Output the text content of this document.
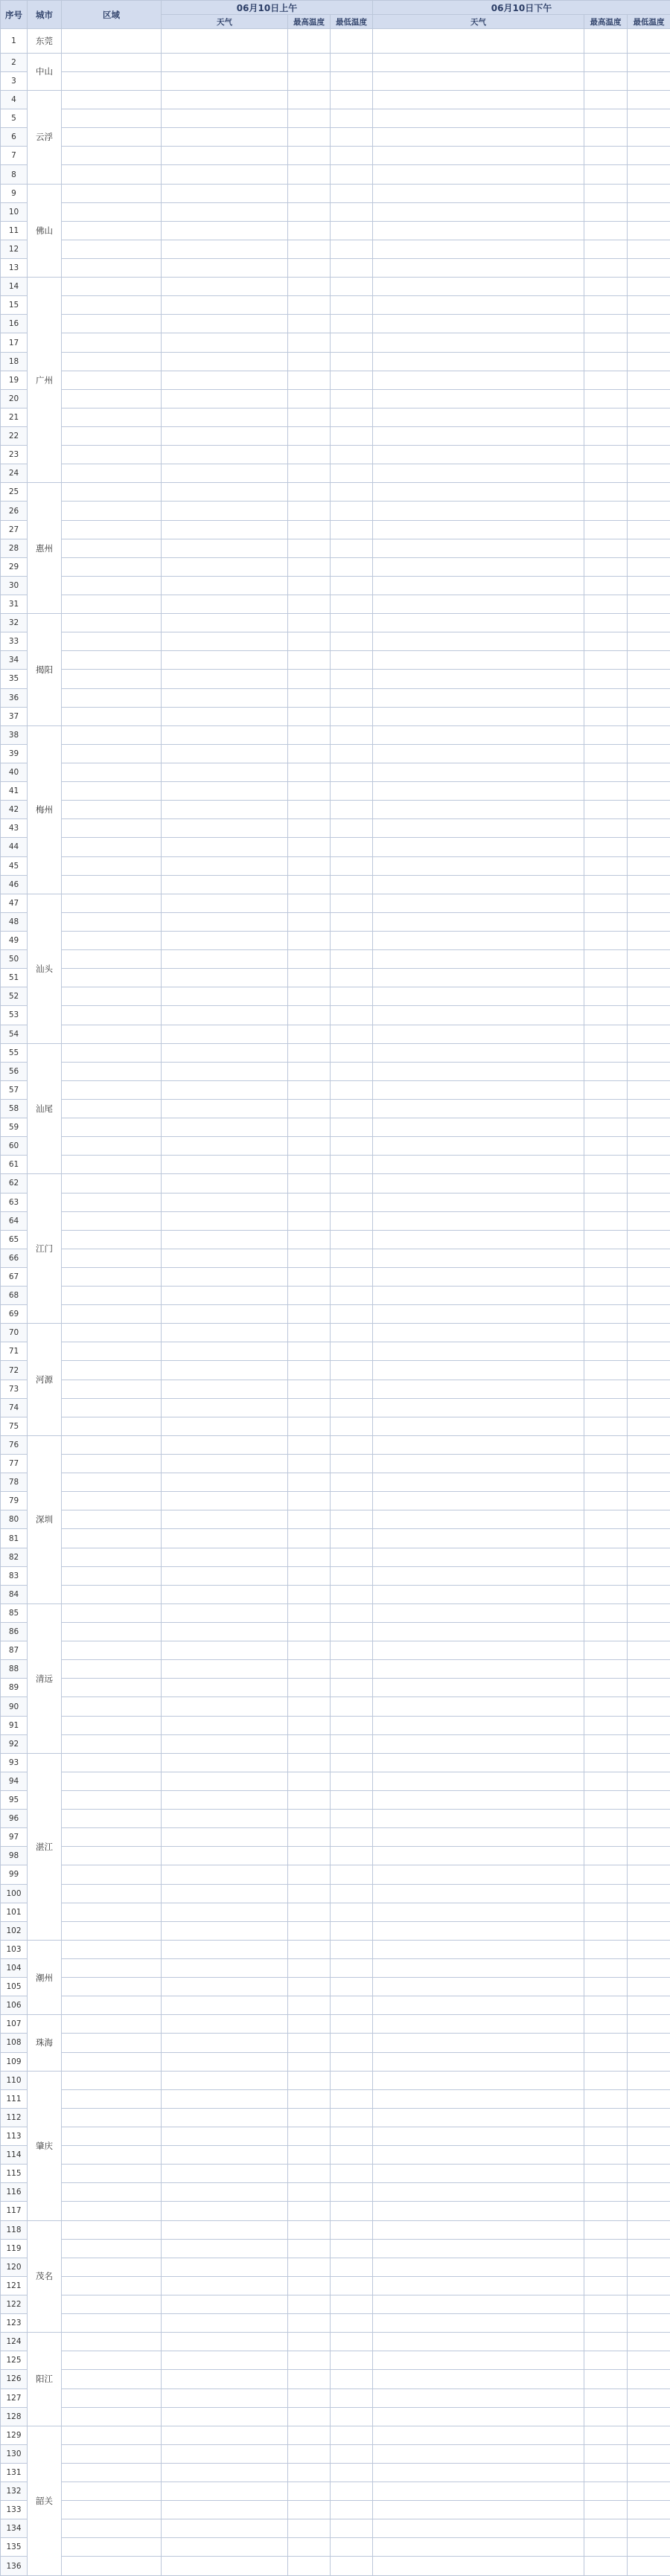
序号	城市	区域	06月10日上午			06月10日下午		
			天气	最高温度	最低温度	天气	最高温度	最低温度
1	东莞							
2	中山							
3								
4	云浮							
5								
6								
7								
8								
9	佛山							
10								
11								
12								
13								
14	广州							
15								
16								
17								
18								
19								
20								
21								
22								
23								
24								
25	惠州							
26								
27								
28								
29								
30								
31								
32	揭阳							
33								
34								
35								
36								
37								
38	梅州							
39								
40								
41								
42								
43								
44								
45								
46								
47	汕头							
48								
49								
50								
51								
52								
53								
54								
55	汕尾							
56								
57								
58								
59								
60								
61								
62	江门							
63								
64								
65								
66								
67								
68								
69								
70	河源							
71								
72								
73								
74								
75								
76	深圳							
77								
78								
79								
80								
81								
82								
83								
84								
85	清远							
86								
87								
88								
89								
90								
91								
92								
93	湛江							
94								
95								
96								
97								
98								
99								
100								
101								
102								
103	潮州							
104								
105								
106								
107	珠海							
108								
109								
110	肇庆							
111								
112								
113								
114								
115								
116								
117								
118	茂名							
119								
120								
121								
122								
123								
124	阳江							
125								
126								
127								
128								
129	韶关							
130								
131								
132								
133								
134								
135								
136								
